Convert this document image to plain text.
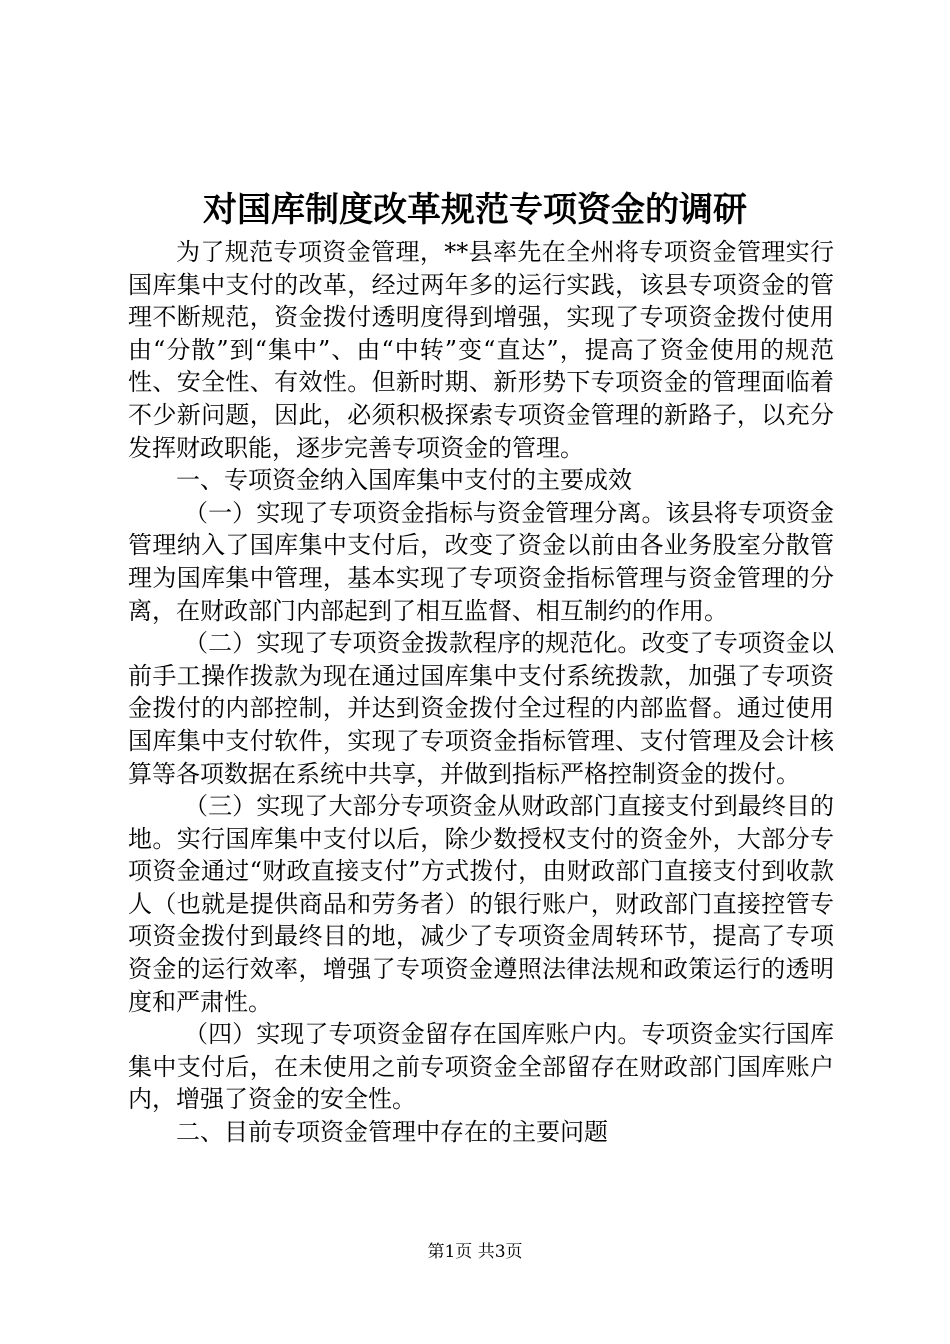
对国库制度改革规范专项资金的调研

为了规范专项资金管理，**县率先在全州将专项资金管理实行国库集中支付的改革，经过两年多的运行实践，该县专项资金的管理不断规范，资金拨付透明度得到增强，实现了专项资金拨付使用由“分散”到“集中”、由“中转”变“直达”，提高了资金使用的规范性、安全性、有效性。但新时期、新形势下专项资金的管理面临着不少新问题，因此，必须积极探索专项资金管理的新路子，以充分发挥财政职能，逐步完善专项资金的管理。

一、专项资金纳入国库集中支付的主要成效

（一）实现了专项资金指标与资金管理分离。该县将专项资金管理纳入了国库集中支付后，改变了资金以前由各业务股室分散管理为国库集中管理，基本实现了专项资金指标管理与资金管理的分离，在财政部门内部起到了相互监督、相互制约的作用。

（二）实现了专项资金拨款程序的规范化。改变了专项资金以前手工操作拨款为现在通过国库集中支付系统拨款，加强了专项资金拨付的内部控制，并达到资金拨付全过程的内部监督。通过使用国库集中支付软件，实现了专项资金指标管理、支付管理及会计核算等各项数据在系统中共享，并做到指标严格控制资金的拨付。

（三）实现了大部分专项资金从财政部门直接支付到最终目的地。实行国库集中支付以后，除少数授权支付的资金外，大部分专项资金通过“财政直接支付”方式拨付，由财政部门直接支付到收款人（也就是提供商品和劳务者）的银行账户，财政部门直接控管专项资金拨付到最终目的地，减少了专项资金周转环节，提高了专项资金的运行效率，增强了专项资金遵照法律法规和政策运行的透明度和严肃性。

（四）实现了专项资金留存在国库账户内。专项资金实行国库集中支付后，在未使用之前专项资金全部留存在财政部门国库账户内，增强了资金的安全性。

二、目前专项资金管理中存在的主要问题

第1页 共3页
